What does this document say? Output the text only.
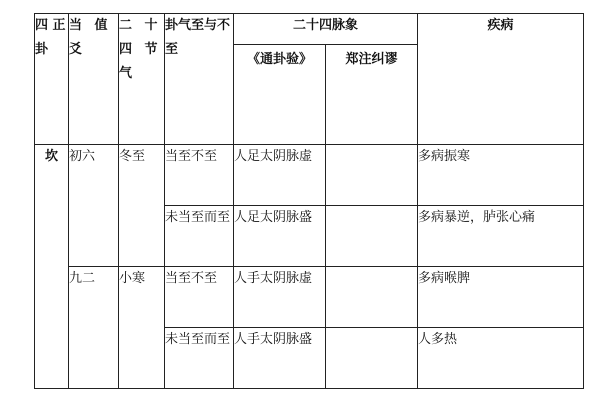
四 正 卦	当 值 爻	二 十 四 节 气	卦气至与不至	二十四脉象		疾病
				《通卦验》	郑注纠谬	
坎	初六	冬至	当至不至	人足太阴脉虚		多病振寒
			未当至而至	人足太阴脉盛		多病暴逆，胪张心痛
	九二	小寒	当至不至	人手太阴脉虚		多病喉脾
			未当至而至	人手太阴脉盛		人多热
